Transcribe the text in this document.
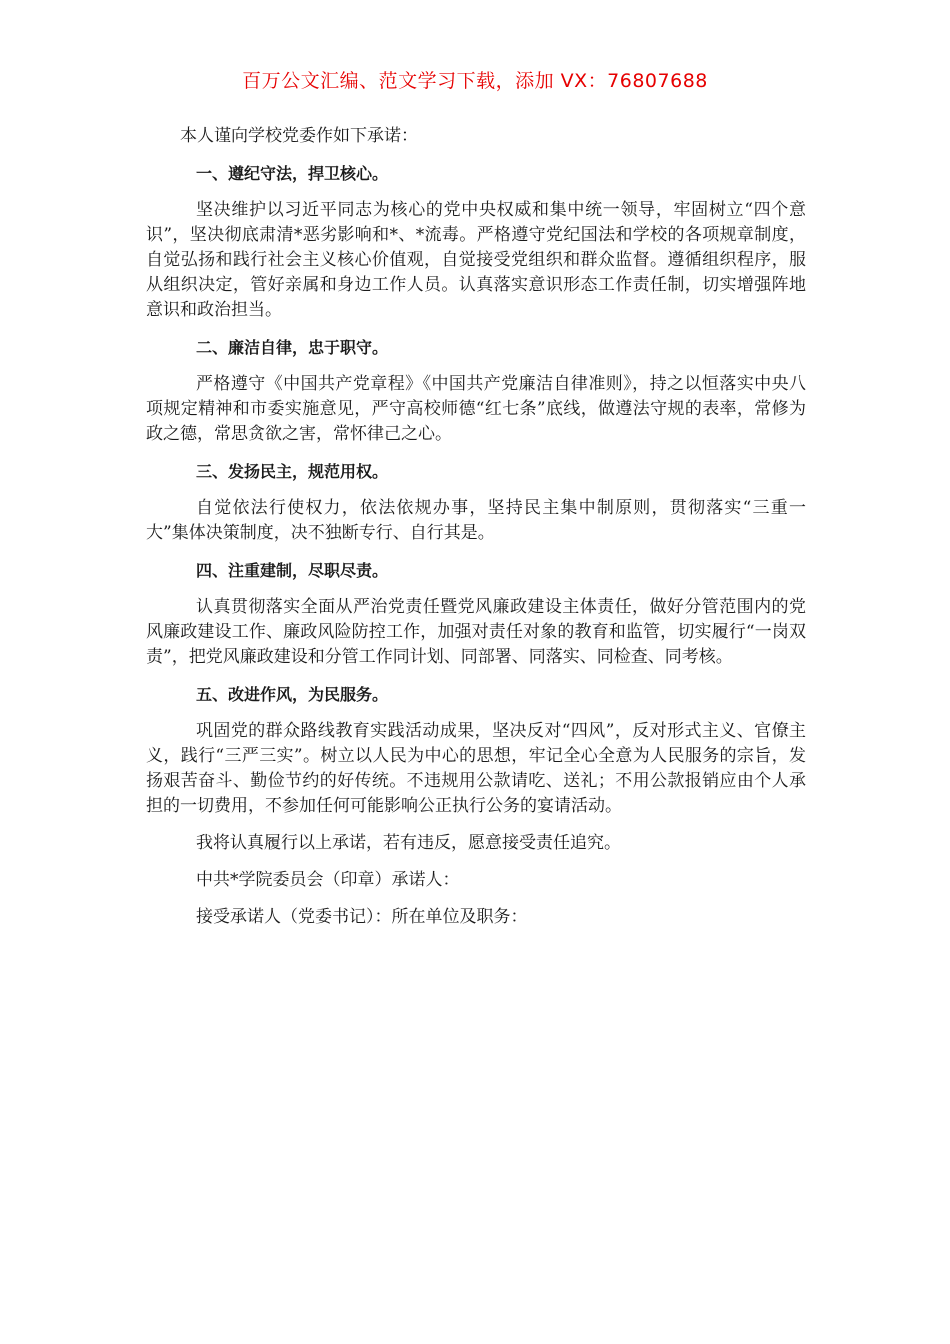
百万公文汇编、范文学习下载，添加 VX：76807688

本人谨向学校党委作如下承诺：

一、遵纪守法，捍卫核心。

坚决维护以习近平同志为核心的党中央权威和集中统一领导，牢固树立“四个意识”，坚决彻底肃清*恶劣影响和*、*流毒。严格遵守党纪国法和学校的各项规章制度，自觉弘扬和践行社会主义核心价值观，自觉接受党组织和群众监督。遵循组织程序，服从组织决定，管好亲属和身边工作人员。认真落实意识形态工作责任制，切实增强阵地意识和政治担当。

二、廉洁自律，忠于职守。

严格遵守《中国共产党章程》《中国共产党廉洁自律准则》，持之以恒落实中央八项规定精神和市委实施意见，严守高校师德“红七条”底线，做遵法守规的表率，常修为政之德，常思贪欲之害，常怀律己之心。

三、发扬民主，规范用权。

自觉依法行使权力，依法依规办事，坚持民主集中制原则，贯彻落实“三重一大”集体决策制度，决不独断专行、自行其是。

四、注重建制，尽职尽责。

认真贯彻落实全面从严治党责任暨党风廉政建设主体责任，做好分管范围内的党风廉政建设工作、廉政风险防控工作，加强对责任对象的教育和监管，切实履行“一岗双责”，把党风廉政建设和分管工作同计划、同部署、同落实、同检查、同考核。

五、改进作风，为民服务。

巩固党的群众路线教育实践活动成果，坚决反对“四风”，反对形式主义、官僚主义，践行“三严三实”。树立以人民为中心的思想，牢记全心全意为人民服务的宗旨，发扬艰苦奋斗、勤俭节约的好传统。不违规用公款请吃、送礼；不用公款报销应由个人承担的一切费用，不参加任何可能影响公正执行公务的宴请活动。

我将认真履行以上承诺，若有违反，愿意接受责任追究。

中共*学院委员会（印章）承诺人：

接受承诺人（党委书记）：所在单位及职务：
